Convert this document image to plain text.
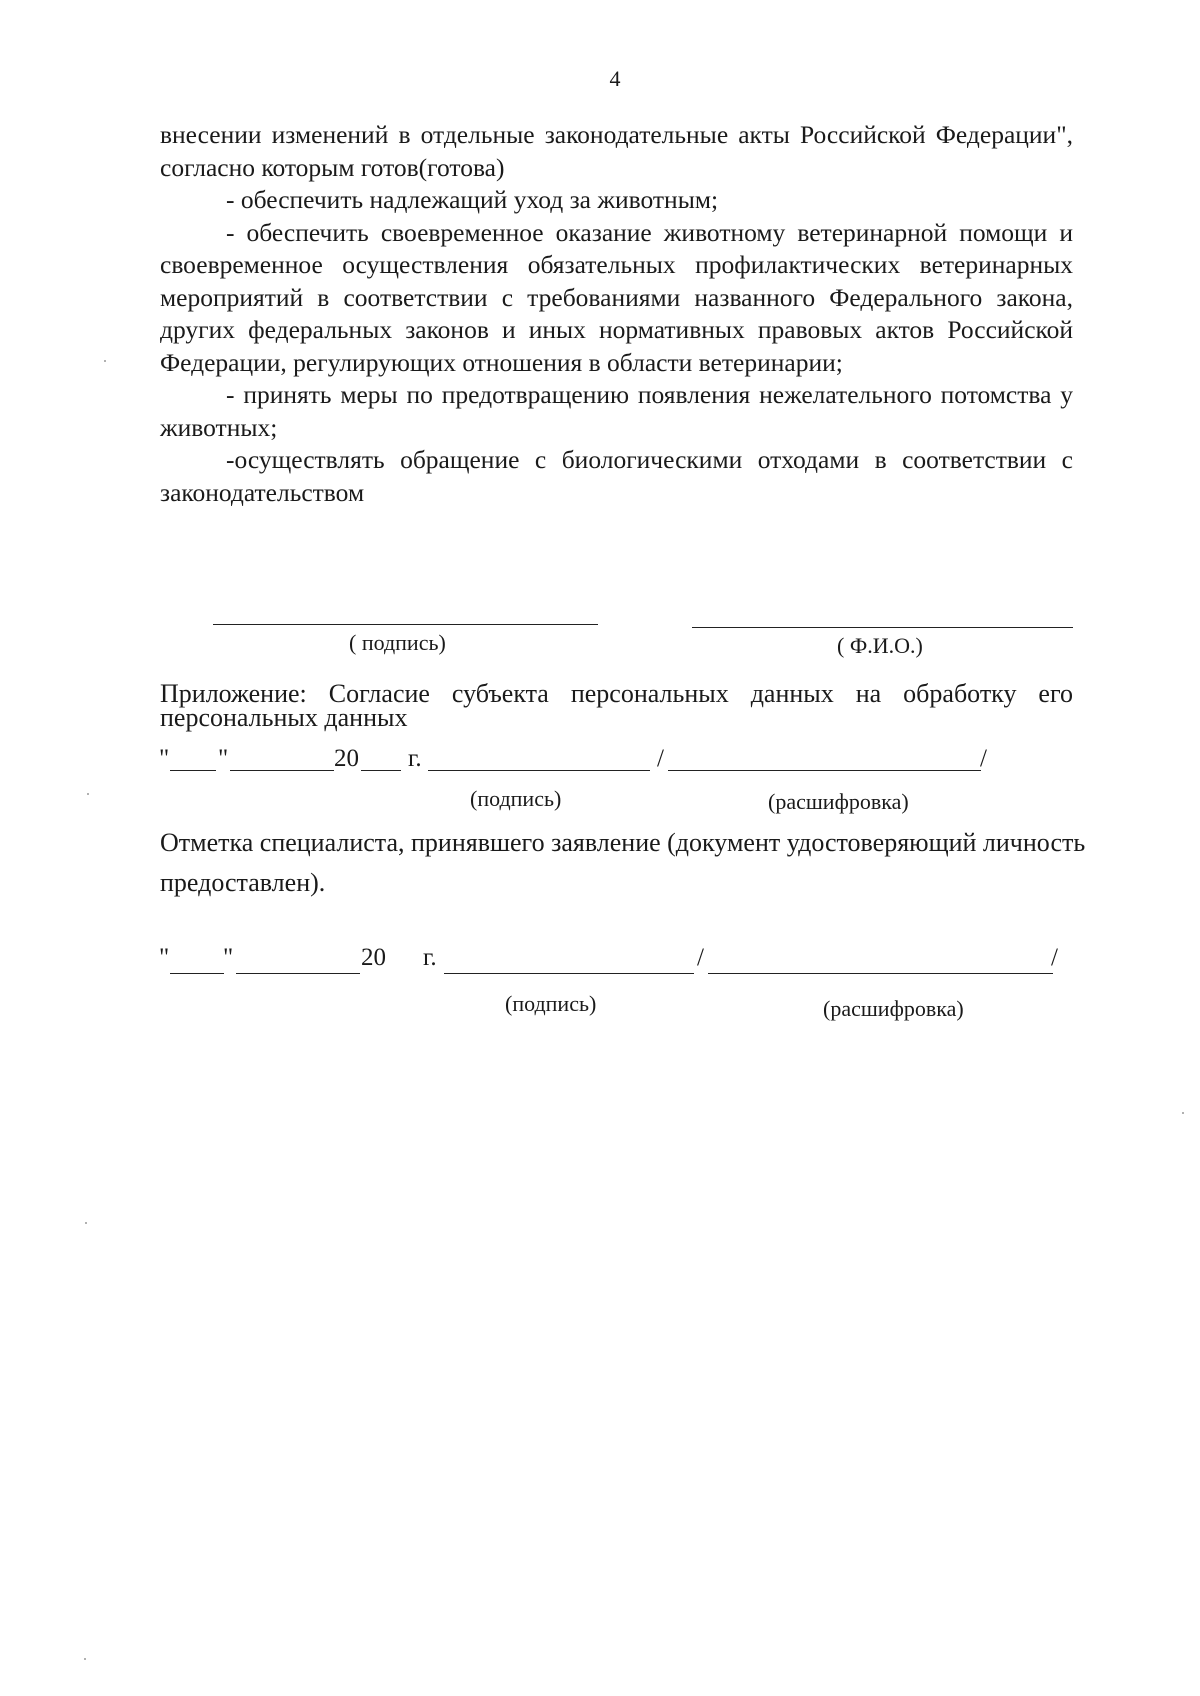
4

внесении изменений в отдельные законодательные акты Российской Федерации", согласно которым готов(готова)

- обеспечить надлежащий уход за животным;

- обеспечить своевременное оказание животному ветеринарной помощи и своевременное осуществления обязательных профилактических ветеринарных мероприятий в соответствии с требованиями названного Федерального закона, других федеральных законов и иных нормативных правовых актов Российской Федерации, регулирующих отношения в области ветеринарии;

- принять меры по предотвращению появления нежелательного потомства у животных;

-осуществлять обращение с биологическими отходами в соответствии с законодательством

( подпись)	( Ф.И.О.)

Приложение: Согласие субъекта персональных данных на обработку его персональных данных

" "	20 г.	/	/
(подпись)	(расшифровка)

Отметка специалиста, принявшего заявление (документ удостоверяющий личность предоставлен).

" "	20 г.	/	/
(подпись)	(расшифровка)
